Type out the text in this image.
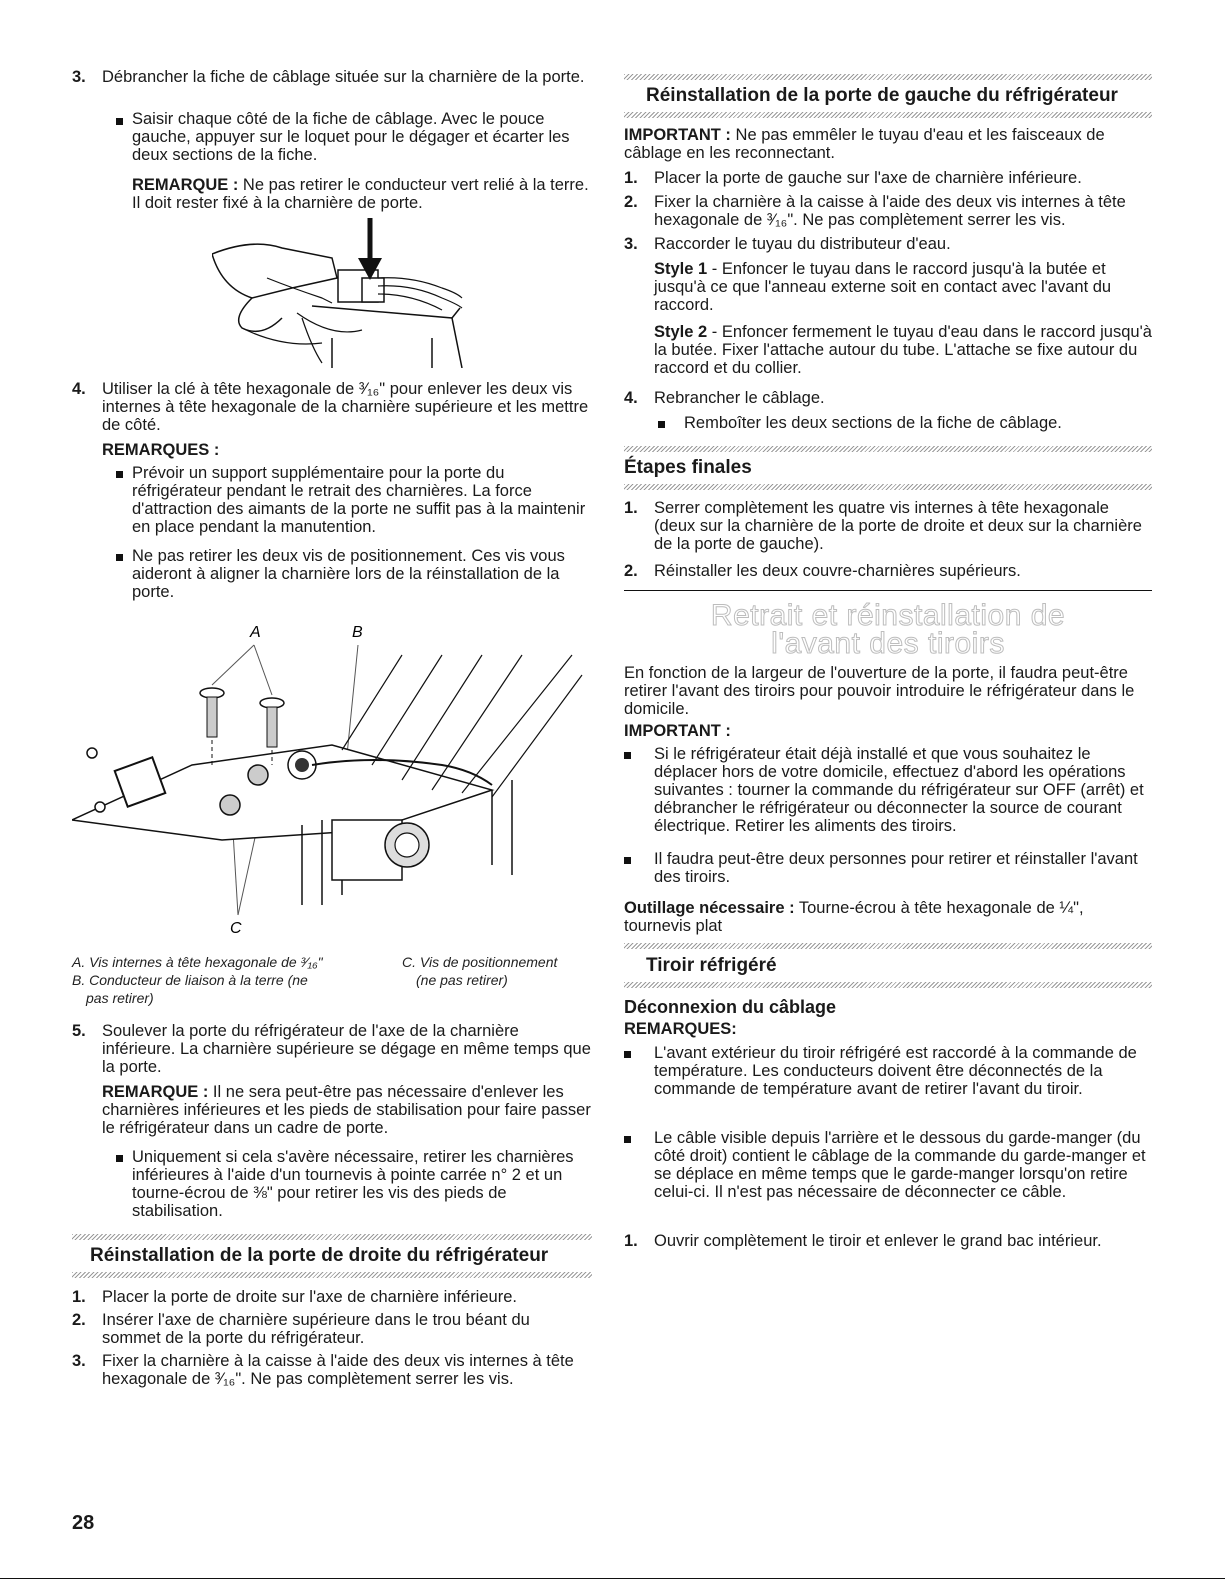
3. Débrancher la fiche de câblage située sur la charnière de la porte.
Saisir chaque côté de la fiche de câblage. Avec le pouce gauche, appuyer sur le loquet pour le dégager et écarter les deux sections de la fiche.
REMARQUE : Ne pas retirer le conducteur vert relié à la terre. Il doit rester fixé à la charnière de porte.
4. Utiliser la clé à tête hexagonale de ³⁄₁₆" pour enlever les deux vis internes à tête hexagonale de la charnière supérieure et les mettre de côté.
REMARQUES :
Prévoir un support supplémentaire pour la porte du réfrigérateur pendant le retrait des charnières. La force d'attraction des aimants de la porte ne suffit pas à la maintenir en place pendant la manutention.
Ne pas retirer les deux vis de positionnement. Ces vis vous aideront à aligner la charnière lors de la réinstallation de la porte.
A	B
C
A. Vis internes à tête hexagonale de ³⁄₁₆"
B. Conducteur de liaison à la terre (ne
pas retirer)
C. Vis de positionnement
(ne pas retirer)
5. Soulever la porte du réfrigérateur de l'axe de la charnière inférieure. La charnière supérieure se dégage en même temps que la porte.
REMARQUE : Il ne sera peut-être pas nécessaire d'enlever les charnières inférieures et les pieds de stabilisation pour faire passer le réfrigérateur dans un cadre de porte.
Uniquement si cela s'avère nécessaire, retirer les charnières inférieures à l'aide d'un tournevis à pointe carrée n° 2 et un tourne-écrou de ⅜" pour retirer les vis des pieds de stabilisation.
Réinstallation de la porte de droite du réfrigérateur
1. Placer la porte de droite sur l'axe de charnière inférieure.
2. Insérer l'axe de charnière supérieure dans le trou béant du sommet de la porte du réfrigérateur.
3. Fixer la charnière à la caisse à l'aide des deux vis internes à tête hexagonale de ³⁄₁₆". Ne pas complètement serrer les vis.
28
Réinstallation de la porte de gauche du réfrigérateur
IMPORTANT : Ne pas emmêler le tuyau d'eau et les faisceaux de câblage en les reconnectant.
1. Placer la porte de gauche sur l'axe de charnière inférieure.
2. Fixer la charnière à la caisse à l'aide des deux vis internes à tête hexagonale de ³⁄₁₆". Ne pas complètement serrer les vis.
3. Raccorder le tuyau du distributeur d'eau.
Style 1 - Enfoncer le tuyau dans le raccord jusqu'à la butée et jusqu'à ce que l'anneau externe soit en contact avec l'avant du raccord.
Style 2 - Enfoncer fermement le tuyau d'eau dans le raccord jusqu'à la butée. Fixer l'attache autour du tube. L'attache se fixe autour du raccord et du collier.
4. Rebrancher le câblage.
Remboîter les deux sections de la fiche de câblage.
Étapes finales
1. Serrer complètement les quatre vis internes à tête hexagonale (deux sur la charnière de la porte de droite et deux sur la charnière de la porte de gauche).
2. Réinstaller les deux couvre-charnières supérieurs.
Retrait et réinstallation de
l'avant des tiroirs
En fonction de la largeur de l'ouverture de la porte, il faudra peut-être retirer l'avant des tiroirs pour pouvoir introduire le réfrigérateur dans le domicile.
IMPORTANT :
Si le réfrigérateur était déjà installé et que vous souhaitez le déplacer hors de votre domicile, effectuez d'abord les opérations suivantes : tourner la commande du réfrigérateur sur OFF (arrêt) et débrancher le réfrigérateur ou déconnecter la source de courant électrique. Retirer les aliments des tiroirs.
Il faudra peut-être deux personnes pour retirer et réinstaller l'avant des tiroirs.
Outillage nécessaire : Tourne-écrou à tête hexagonale de ¼", tournevis plat
Tiroir réfrigéré
Déconnexion du câblage
REMARQUES:
L'avant extérieur du tiroir réfrigéré est raccordé à la commande de température. Les conducteurs doivent être déconnectés de la commande de température avant de retirer l'avant du tiroir.
Le câble visible depuis l'arrière et le dessous du garde-manger (du côté droit) contient le câblage de la commande du garde-manger et se déplace en même temps que le garde-manger lorsqu'on retire celui-ci. Il n'est pas nécessaire de déconnecter ce câble.
1. Ouvrir complètement le tiroir et enlever le grand bac intérieur.
